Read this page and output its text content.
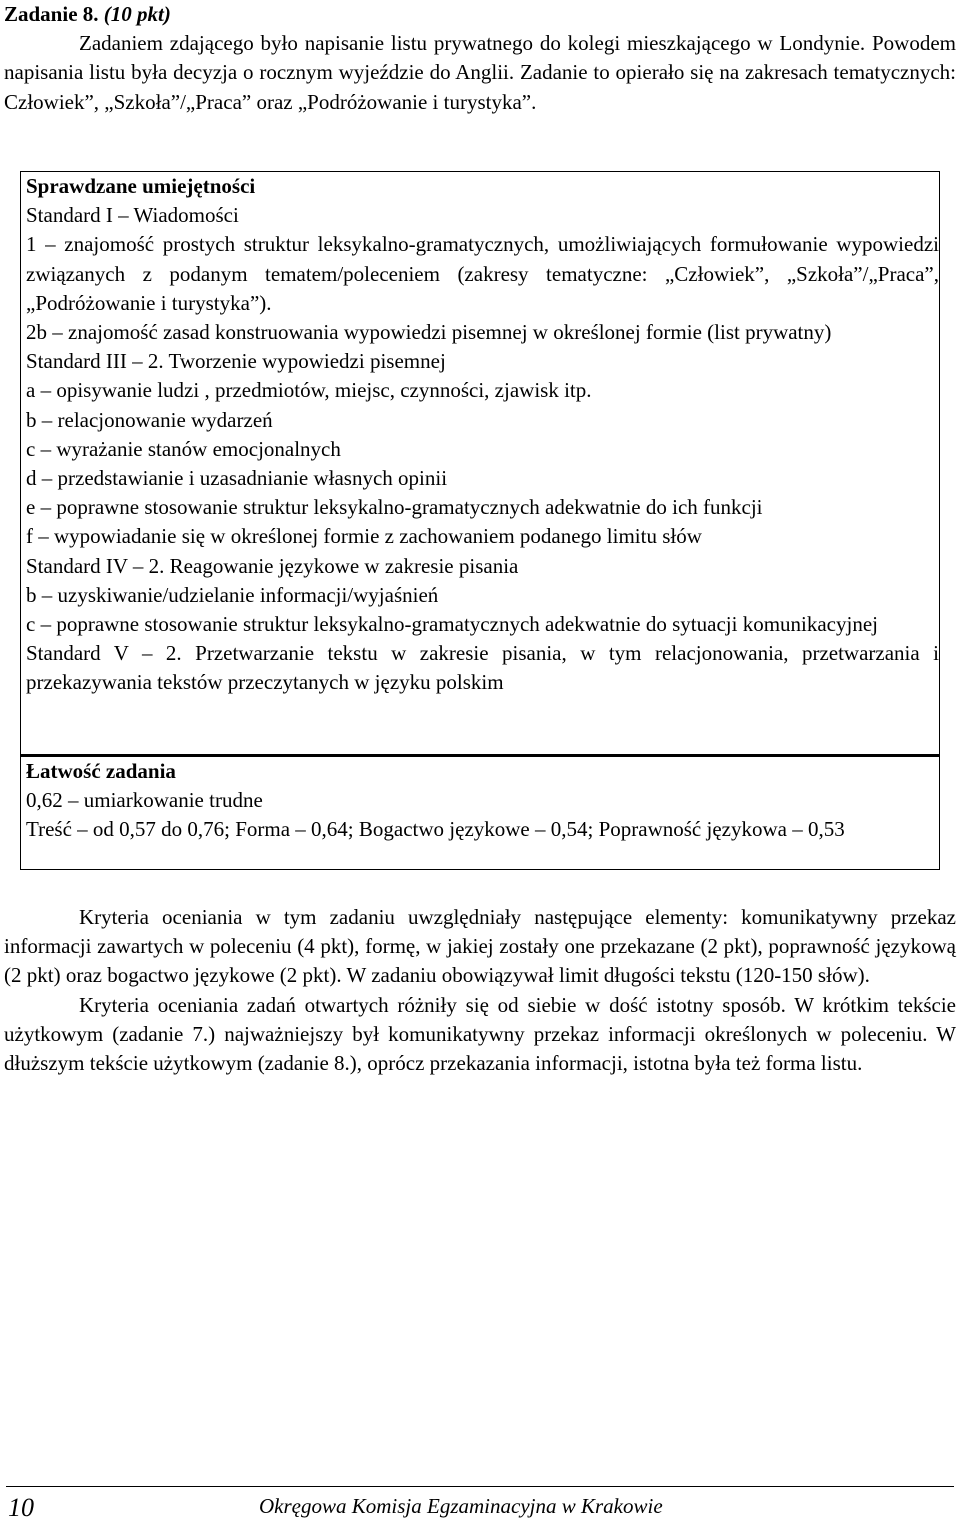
Zadanie 8. (10 pkt)

Zadaniem zdającego było napisanie listu prywatnego do kolegi mieszkającego w Londynie. Powodem napisania listu była decyzja o rocznym wyjeździe do Anglii. Zadanie to opierało się na zakresach tematycznych: Człowiek”, „Szkoła”/„Praca” oraz „Podróżowanie i turystyka”.

Sprawdzane umiejętności

Standard I – Wiadomości

1 – znajomość prostych struktur leksykalno-gramatycznych, umożliwiających formułowanie wypowiedzi związanych z podanym tematem/poleceniem (zakresy tematyczne: „Człowiek”, „Szkoła”/„Praca”, „Podróżowanie i turystyka”).

2b – znajomość zasad konstruowania wypowiedzi pisemnej w określonej formie (list prywatny)

Standard III – 2. Tworzenie wypowiedzi pisemnej

a – opisywanie ludzi , przedmiotów, miejsc, czynności, zjawisk itp.

b – relacjonowanie wydarzeń

c – wyrażanie stanów emocjonalnych

d – przedstawianie i uzasadnianie własnych opinii

e – poprawne stosowanie struktur leksykalno-gramatycznych adekwatnie do ich funkcji

f – wypowiadanie się w określonej formie z zachowaniem podanego limitu słów

Standard IV – 2. Reagowanie językowe w zakresie pisania

b – uzyskiwanie/udzielanie informacji/wyjaśnień

c – poprawne stosowanie struktur leksykalno-gramatycznych adekwatnie do sytuacji komunikacyjnej

Standard V – 2. Przetwarzanie tekstu w zakresie pisania, w tym relacjonowania, przetwarzania i przekazywania tekstów przeczytanych w języku polskim

Łatwość zadania

0,62 – umiarkowanie trudne

Treść – od 0,57 do 0,76; Forma – 0,64; Bogactwo językowe – 0,54; Poprawność językowa – 0,53

Kryteria oceniania w tym zadaniu uwzględniały następujące elementy: komunikatywny przekaz informacji zawartych w poleceniu (4 pkt), formę, w jakiej zostały one przekazane (2 pkt), poprawność językową (2 pkt) oraz bogactwo językowe (2 pkt). W zadaniu obowiązywał limit długości tekstu (120-150 słów).

Kryteria oceniania zadań otwartych różniły się od siebie w dość istotny sposób. W krótkim tekście użytkowym (zadanie 7.) najważniejszy był komunikatywny przekaz informacji określonych w poleceniu. W dłuższym tekście użytkowym (zadanie 8.), oprócz przekazania informacji, istotna była też forma listu.

10	Okręgowa Komisja Egzaminacyjna w Krakowie
